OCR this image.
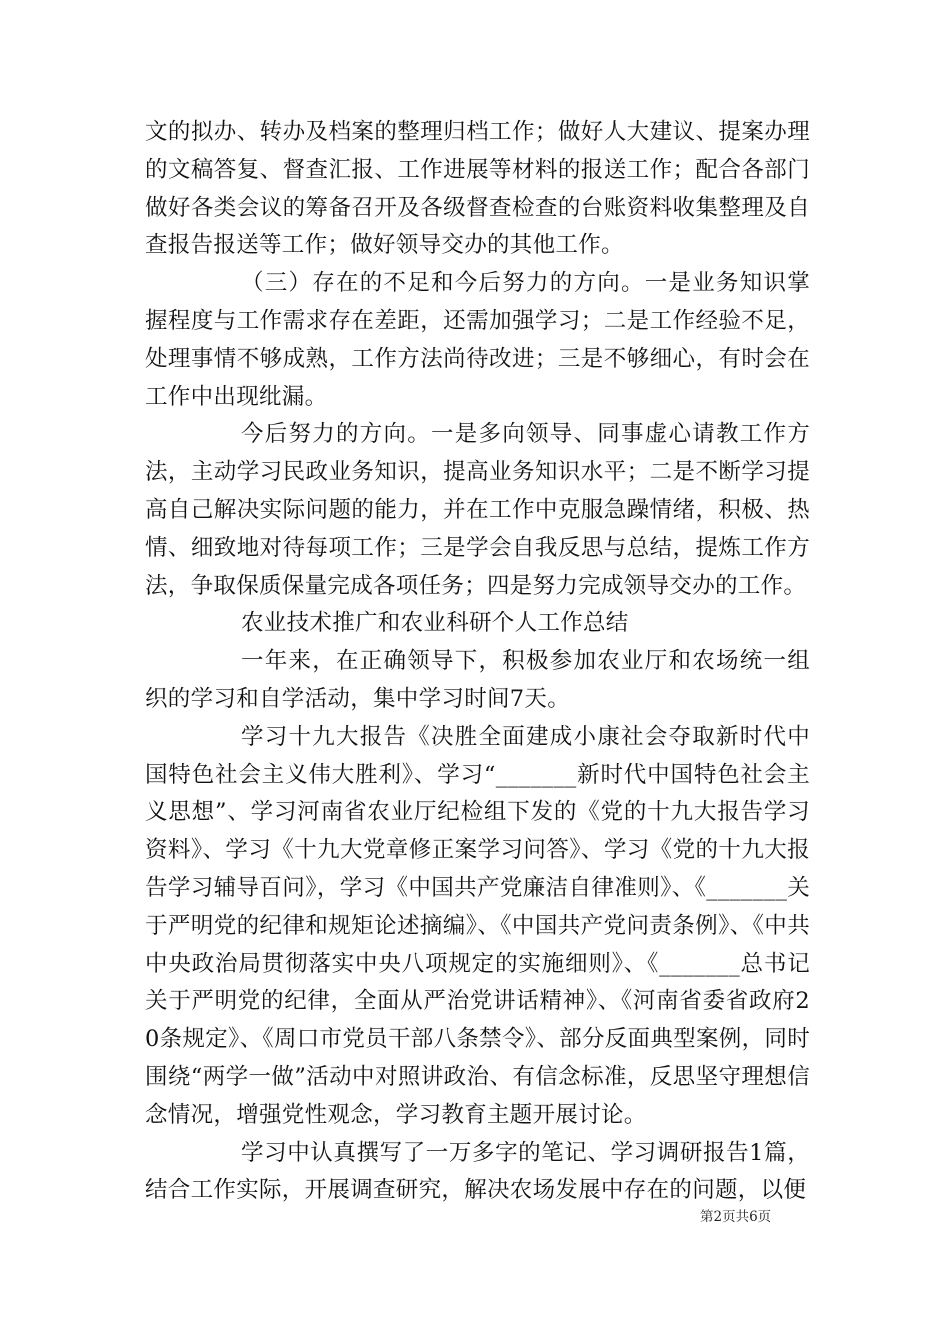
文的拟办、转办及档案的整理归档工作；做好人大建议、提案办理的文稿答复、督查汇报、工作进展等材料的报送工作；配合各部门做好各类会议的筹备召开及各级督查检查的台账资料收集整理及自查报告报送等工作；做好领导交办的其他工作。

（三）存在的不足和今后努力的方向。一是业务知识掌握程度与工作需求存在差距，还需加强学习；二是工作经验不足，处理事情不够成熟，工作方法尚待改进；三是不够细心，有时会在工作中出现纰漏。

今后努力的方向。一是多向领导、同事虚心请教工作方法，主动学习民政业务知识，提高业务知识水平；二是不断学习提高自己解决实际问题的能力，并在工作中克服急躁情绪，积极、热情、细致地对待每项工作；三是学会自我反思与总结，提炼工作方法，争取保质保量完成各项任务；四是努力完成领导交办的工作。

农业技术推广和农业科研个人工作总结

一年来，在正确领导下，积极参加农业厅和农场统一组织的学习和自学活动，集中学习时间7天。

学习十九大报告《决胜全面建成小康社会夺取新时代中国特色社会主义伟大胜利》、学习“_______新时代中国特色社会主义思想”、学习河南省农业厅纪检组下发的《党的十九大报告学习资料》、学习《十九大党章修正案学习问答》、学习《党的十九大报告学习辅导百问》，学习《中国共产党廉洁自律准则》、《_______关于严明党的纪律和规矩论述摘编》、《中国共产党问责条例》、《中共中央政治局贯彻落实中央八项规定的实施细则》、《_______总书记关于严明党的纪律，全面从严治党讲话精神》、《河南省委省政府20条规定》、《周口市党员干部八条禁令》、部分反面典型案例，同时围绕“两学一做”活动中对照讲政治、有信念标准，反思坚守理想信念情况，增强党性观念，学习教育主题开展讨论。

学习中认真撰写了一万多字的笔记、学习调研报告1篇，结合工作实际，开展调查研究，解决农场发展中存在的问题，以便

第2页共6页
